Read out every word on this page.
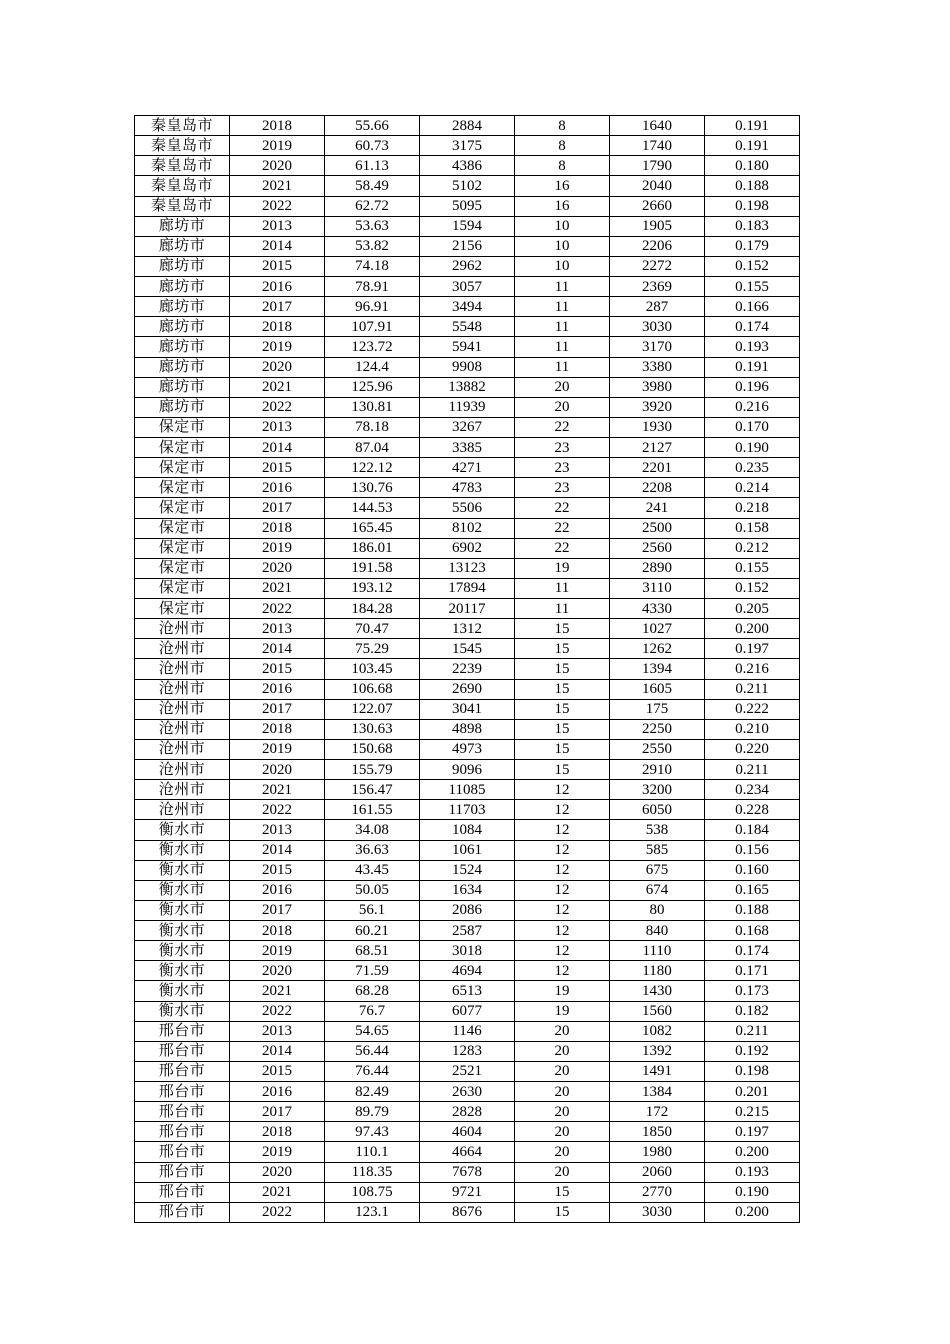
秦皇岛市	2018	55.66	2884	8	1640	0.191
秦皇岛市	2019	60.73	3175	8	1740	0.191
秦皇岛市	2020	61.13	4386	8	1790	0.180
秦皇岛市	2021	58.49	5102	16	2040	0.188
秦皇岛市	2022	62.72	5095	16	2660	0.198
廊坊市	2013	53.63	1594	10	1905	0.183
廊坊市	2014	53.82	2156	10	2206	0.179
廊坊市	2015	74.18	2962	10	2272	0.152
廊坊市	2016	78.91	3057	11	2369	0.155
廊坊市	2017	96.91	3494	11	287	0.166
廊坊市	2018	107.91	5548	11	3030	0.174
廊坊市	2019	123.72	5941	11	3170	0.193
廊坊市	2020	124.4	9908	11	3380	0.191
廊坊市	2021	125.96	13882	20	3980	0.196
廊坊市	2022	130.81	11939	20	3920	0.216
保定市	2013	78.18	3267	22	1930	0.170
保定市	2014	87.04	3385	23	2127	0.190
保定市	2015	122.12	4271	23	2201	0.235
保定市	2016	130.76	4783	23	2208	0.214
保定市	2017	144.53	5506	22	241	0.218
保定市	2018	165.45	8102	22	2500	0.158
保定市	2019	186.01	6902	22	2560	0.212
保定市	2020	191.58	13123	19	2890	0.155
保定市	2021	193.12	17894	11	3110	0.152
保定市	2022	184.28	20117	11	4330	0.205
沧州市	2013	70.47	1312	15	1027	0.200
沧州市	2014	75.29	1545	15	1262	0.197
沧州市	2015	103.45	2239	15	1394	0.216
沧州市	2016	106.68	2690	15	1605	0.211
沧州市	2017	122.07	3041	15	175	0.222
沧州市	2018	130.63	4898	15	2250	0.210
沧州市	2019	150.68	4973	15	2550	0.220
沧州市	2020	155.79	9096	15	2910	0.211
沧州市	2021	156.47	11085	12	3200	0.234
沧州市	2022	161.55	11703	12	6050	0.228
衡水市	2013	34.08	1084	12	538	0.184
衡水市	2014	36.63	1061	12	585	0.156
衡水市	2015	43.45	1524	12	675	0.160
衡水市	2016	50.05	1634	12	674	0.165
衡水市	2017	56.1	2086	12	80	0.188
衡水市	2018	60.21	2587	12	840	0.168
衡水市	2019	68.51	3018	12	1110	0.174
衡水市	2020	71.59	4694	12	1180	0.171
衡水市	2021	68.28	6513	19	1430	0.173
衡水市	2022	76.7	6077	19	1560	0.182
邢台市	2013	54.65	1146	20	1082	0.211
邢台市	2014	56.44	1283	20	1392	0.192
邢台市	2015	76.44	2521	20	1491	0.198
邢台市	2016	82.49	2630	20	1384	0.201
邢台市	2017	89.79	2828	20	172	0.215
邢台市	2018	97.43	4604	20	1850	0.197
邢台市	2019	110.1	4664	20	1980	0.200
邢台市	2020	118.35	7678	20	2060	0.193
邢台市	2021	108.75	9721	15	2770	0.190
邢台市	2022	123.1	8676	15	3030	0.200
